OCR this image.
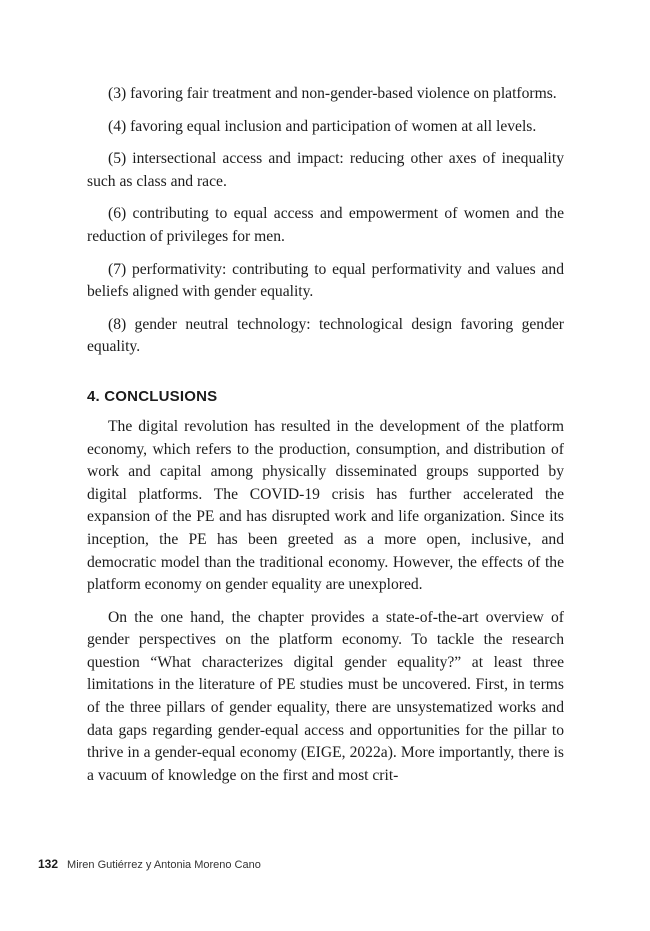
(3) favoring fair treatment and non-gender-based violence on platforms.

(4) favoring equal inclusion and participation of women at all levels.

(5) intersectional access and impact: reducing other axes of inequality such as class and race.

(6) contributing to equal access and empowerment of women and the reduction of privileges for men.

(7) performativity: contributing to equal performativity and values and beliefs aligned with gender equality.

(8) gender neutral technology: technological design favoring gender equality.

4. CONCLUSIONS

The digital revolution has resulted in the development of the platform economy, which refers to the production, consumption, and distribution of work and capital among physically disseminated groups supported by digital platforms. The COVID-19 crisis has further accelerated the expansion of the PE and has disrupted work and life organization. Since its inception, the PE has been greeted as a more open, inclusive, and democratic model than the traditional economy. However, the effects of the platform economy on gender equality are unexplored.

On the one hand, the chapter provides a state-of-the-art overview of gender perspectives on the platform economy. To tackle the research question “What characterizes digital gender equality?” at least three limitations in the literature of PE studies must be uncovered. First, in terms of the three pillars of gender equality, there are unsystematized works and data gaps regarding gender-equal access and opportunities for the pillar to thrive in a gender-equal economy (EIGE, 2022a). More importantly, there is a vacuum of knowledge on the first and most crit-

132 Miren Gutiérrez y Antonia Moreno Cano
